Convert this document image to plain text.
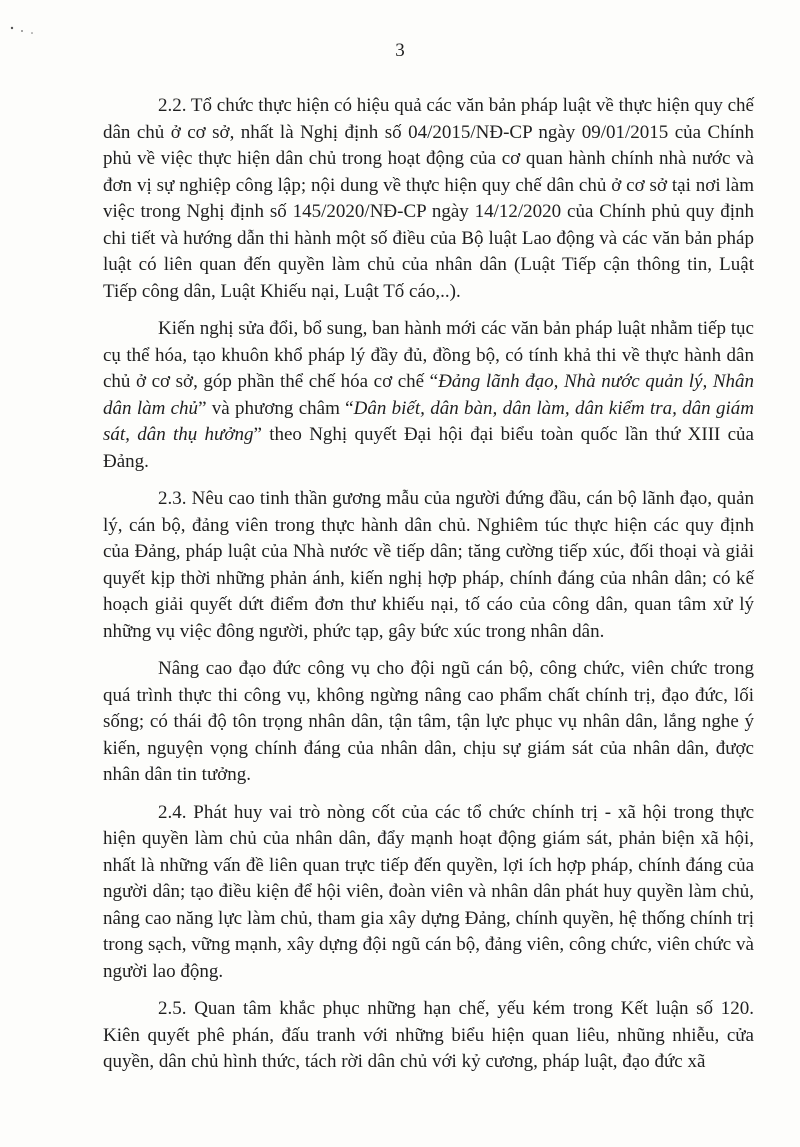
3

2.2. Tổ chức thực hiện có hiệu quả các văn bản pháp luật về thực hiện quy chế dân chủ ở cơ sở, nhất là Nghị định số 04/2015/NĐ-CP ngày 09/01/2015 của Chính phủ về việc thực hiện dân chủ trong hoạt động của cơ quan hành chính nhà nước và đơn vị sự nghiệp công lập; nội dung về thực hiện quy chế dân chủ ở cơ sở tại nơi làm việc trong Nghị định số 145/2020/NĐ-CP ngày 14/12/2020 của Chính phủ quy định chi tiết và hướng dẫn thi hành một số điều của Bộ luật Lao động và các văn bản pháp luật có liên quan đến quyền làm chủ của nhân dân (Luật Tiếp cận thông tin, Luật Tiếp công dân, Luật Khiếu nại, Luật Tố cáo,..).

Kiến nghị sửa đổi, bổ sung, ban hành mới các văn bản pháp luật nhằm tiếp tục cụ thể hóa, tạo khuôn khổ pháp lý đầy đủ, đồng bộ, có tính khả thi về thực hành dân chủ ở cơ sở, góp phần thể chế hóa cơ chế “Đảng lãnh đạo, Nhà nước quản lý, Nhân dân làm chủ” và phương châm “Dân biết, dân bàn, dân làm, dân kiểm tra, dân giám sát, dân thụ hưởng” theo Nghị quyết Đại hội đại biểu toàn quốc lần thứ XIII của Đảng.

2.3. Nêu cao tinh thần gương mẫu của người đứng đầu, cán bộ lãnh đạo, quản lý, cán bộ, đảng viên trong thực hành dân chủ. Nghiêm túc thực hiện các quy định của Đảng, pháp luật của Nhà nước về tiếp dân; tăng cường tiếp xúc, đối thoại và giải quyết kịp thời những phản ánh, kiến nghị hợp pháp, chính đáng của nhân dân; có kế hoạch giải quyết dứt điểm đơn thư khiếu nại, tố cáo của công dân, quan tâm xử lý những vụ việc đông người, phức tạp, gây bức xúc trong nhân dân.

Nâng cao đạo đức công vụ cho đội ngũ cán bộ, công chức, viên chức trong quá trình thực thi công vụ, không ngừng nâng cao phẩm chất chính trị, đạo đức, lối sống; có thái độ tôn trọng nhân dân, tận tâm, tận lực phục vụ nhân dân, lắng nghe ý kiến, nguyện vọng chính đáng của nhân dân, chịu sự giám sát của nhân dân, được nhân dân tin tưởng.

2.4. Phát huy vai trò nòng cốt của các tổ chức chính trị - xã hội trong thực hiện quyền làm chủ của nhân dân, đẩy mạnh hoạt động giám sát, phản biện xã hội, nhất là những vấn đề liên quan trực tiếp đến quyền, lợi ích hợp pháp, chính đáng của người dân; tạo điều kiện để hội viên, đoàn viên và nhân dân phát huy quyền làm chủ, nâng cao năng lực làm chủ, tham gia xây dựng Đảng, chính quyền, hệ thống chính trị trong sạch, vững mạnh, xây dựng đội ngũ cán bộ, đảng viên, công chức, viên chức và người lao động.

2.5. Quan tâm khắc phục những hạn chế, yếu kém trong Kết luận số 120. Kiên quyết phê phán, đấu tranh với những biểu hiện quan liêu, nhũng nhiễu, cửa quyền, dân chủ hình thức, tách rời dân chủ với kỷ cương, pháp luật, đạo đức xã
